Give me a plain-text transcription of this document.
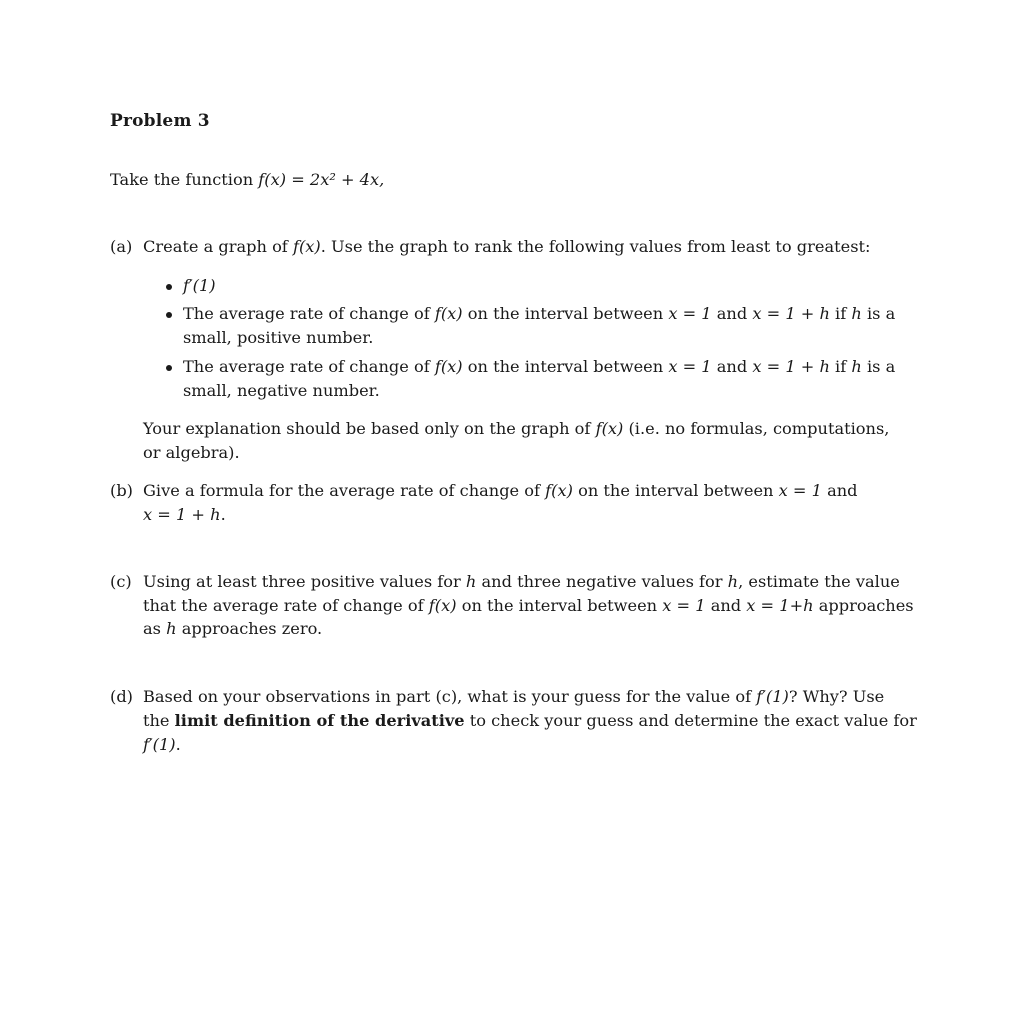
Problem 3
Take the function f(x) = 2x² + 4x,
(a) Create a graph of f(x). Use the graph to rank the following values from least to greatest:
f′(1)
The average rate of change of f(x) on the interval between x = 1 and x = 1 + h if h is a
small, positive number.
The average rate of change of f(x) on the interval between x = 1 and x = 1 + h if h is a
small, negative number.
Your explanation should be based only on the graph of f(x) (i.e. no formulas, computations,
or algebra).
(b) Give a formula for the average rate of change of f(x) on the interval between x = 1 and
x = 1 + h.
(c) Using at least three positive values for h and three negative values for h, estimate the value
that the average rate of change of f(x) on the interval between x = 1 and x = 1+h approaches
as h approaches zero.
(d) Based on your observations in part (c), what is your guess for the value of f′(1)? Why? Use
the limit definition of the derivative to check your guess and determine the exact value for
f′(1).
